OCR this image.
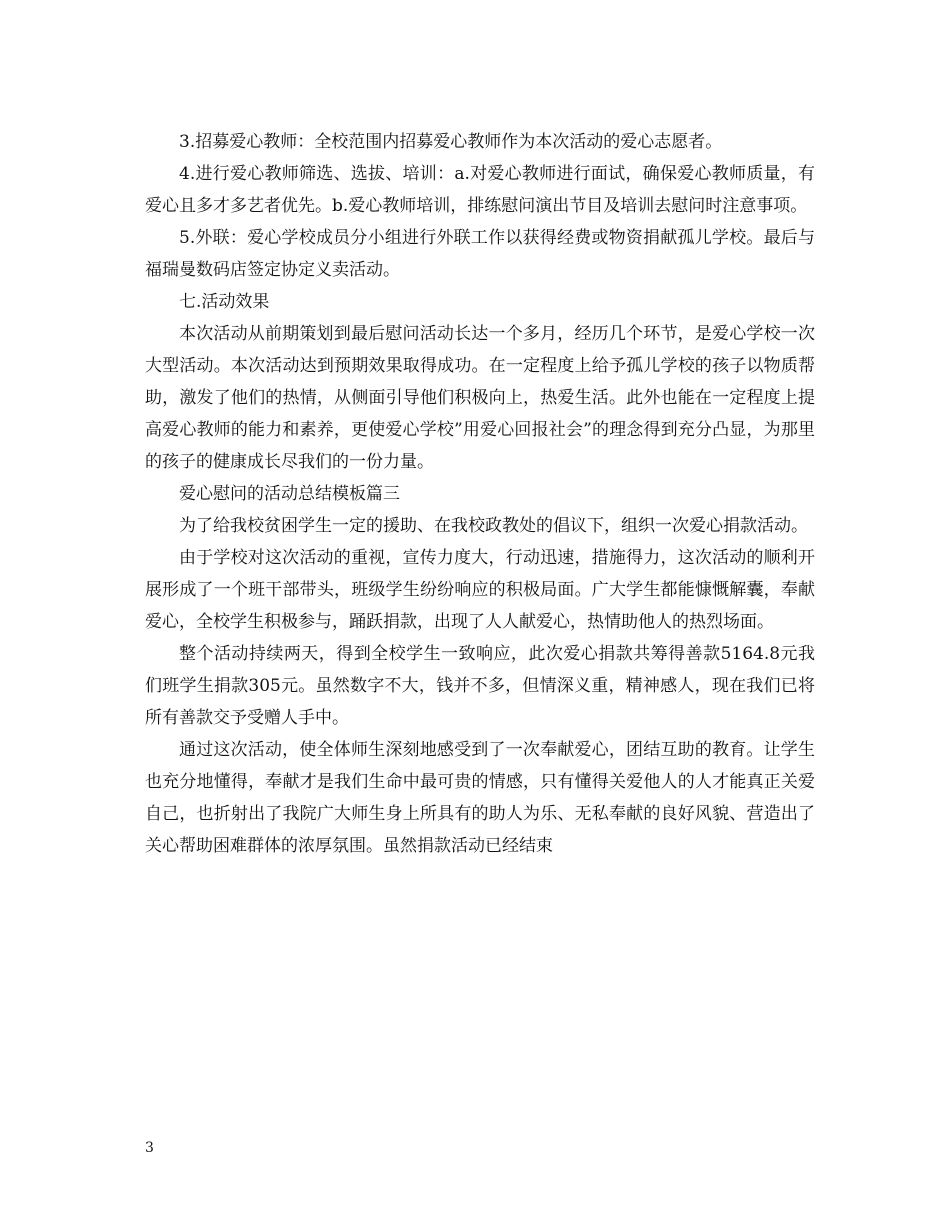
3.招募爱心教师：全校范围内招募爱心教师作为本次活动的爱心志愿者。

4.进行爱心教师筛选、选拔、培训：a.对爱心教师进行面试，确保爱心教师质量，有爱心且多才多艺者优先。b.爱心教师培训，排练慰问演出节目及培训去慰问时注意事项。

5.外联：爱心学校成员分小组进行外联工作以获得经费或物资捐献孤儿学校。最后与福瑞曼数码店签定协定义卖活动。

七.活动效果

本次活动从前期策划到最后慰问活动长达一个多月，经历几个环节，是爱心学校一次大型活动。本次活动达到预期效果取得成功。在一定程度上给予孤儿学校的孩子以物质帮助，激发了他们的热情，从侧面引导他们积极向上，热爱生活。此外也能在一定程度上提高爱心教师的能力和素养，更使爱心学校”用爱心回报社会”的理念得到充分凸显，为那里的孩子的健康成长尽我们的一份力量。

爱心慰问的活动总结模板篇三

为了给我校贫困学生一定的援助、在我校政教处的倡议下，组织一次爱心捐款活动。

由于学校对这次活动的重视，宣传力度大，行动迅速，措施得力，这次活动的顺利开展形成了一个班干部带头，班级学生纷纷响应的积极局面。广大学生都能慷慨解囊，奉献爱心，全校学生积极参与，踊跃捐款，出现了人人献爱心，热情助他人的热烈场面。

整个活动持续两天，得到全校学生一致响应，此次爱心捐款共筹得善款5164.8元我们班学生捐款305元。虽然数字不大，钱并不多，但情深义重，精神感人，现在我们已将所有善款交予受赠人手中。

通过这次活动，使全体师生深刻地感受到了一次奉献爱心，团结互助的教育。让学生也充分地懂得，奉献才是我们生命中最可贵的情感，只有懂得关爱他人的人才能真正关爱自己，也折射出了我院广大师生身上所具有的助人为乐、无私奉献的良好风貌、营造出了关心帮助困难群体的浓厚氛围。虽然捐款活动已经结束

3
